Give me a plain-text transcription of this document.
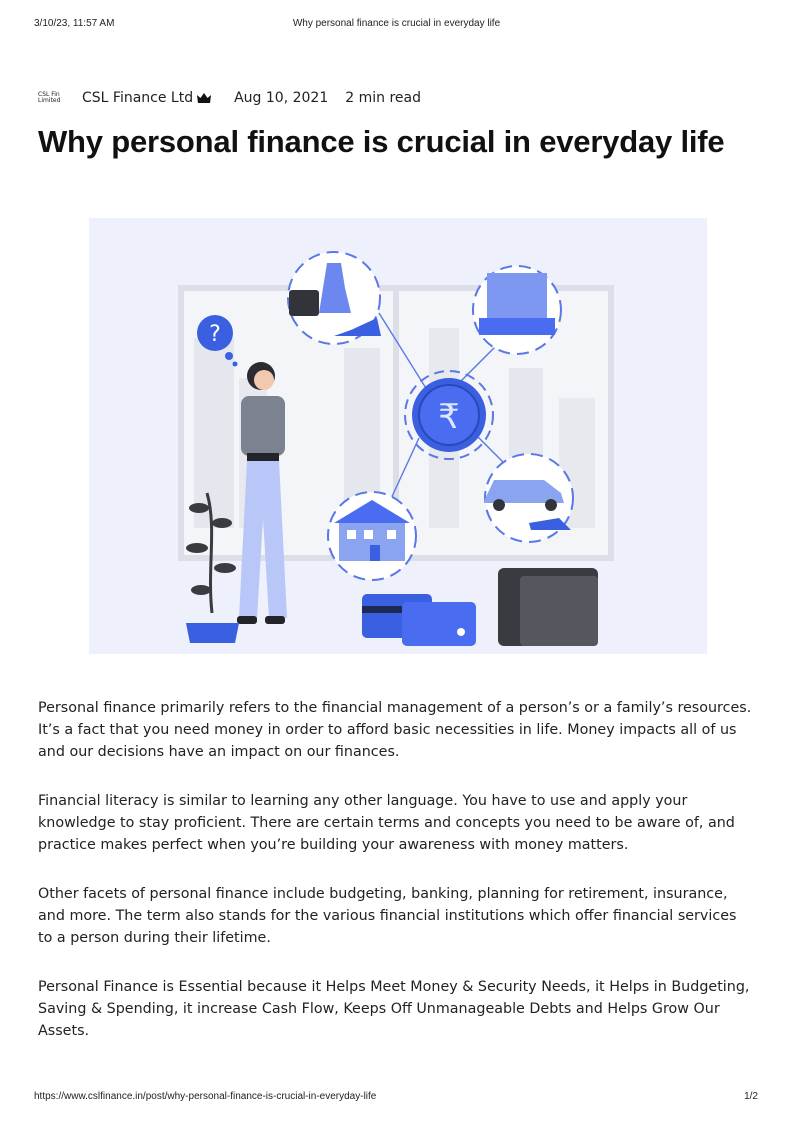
3/10/23, 11:57 AM	Why personal finance is crucial in everyday life
CSL Fin
Limited	CSL Finance Ltd	Aug 10, 2021 2 min read
Why personal finance is crucial in everyday life
₹
?

Personal finance primarily refers to the financial management of a person’s or a family’s resources. It’s a fact that you need money in order to afford basic necessities in life. Money impacts all of us and our decisions have an impact on our finances.

Financial literacy is similar to learning any other language. You have to use and apply your knowledge to stay proficient. There are certain terms and concepts you need to be aware of, and practice makes perfect when you’re building your awareness with money matters.

Other facets of personal finance include budgeting, banking, planning for retirement, insurance, and more. The term also stands for the various financial institutions which offer financial services to a person during their lifetime.

Personal Finance is Essential because it Helps Meet Money & Security Needs, it Helps in Budgeting, Saving & Spending, it increase Cash Flow, Keeps Off Unmanageable Debts and Helps Grow Our Assets.

https://www.cslfinance.in/post/why-personal-finance-is-crucial-in-everyday-life	1/2
